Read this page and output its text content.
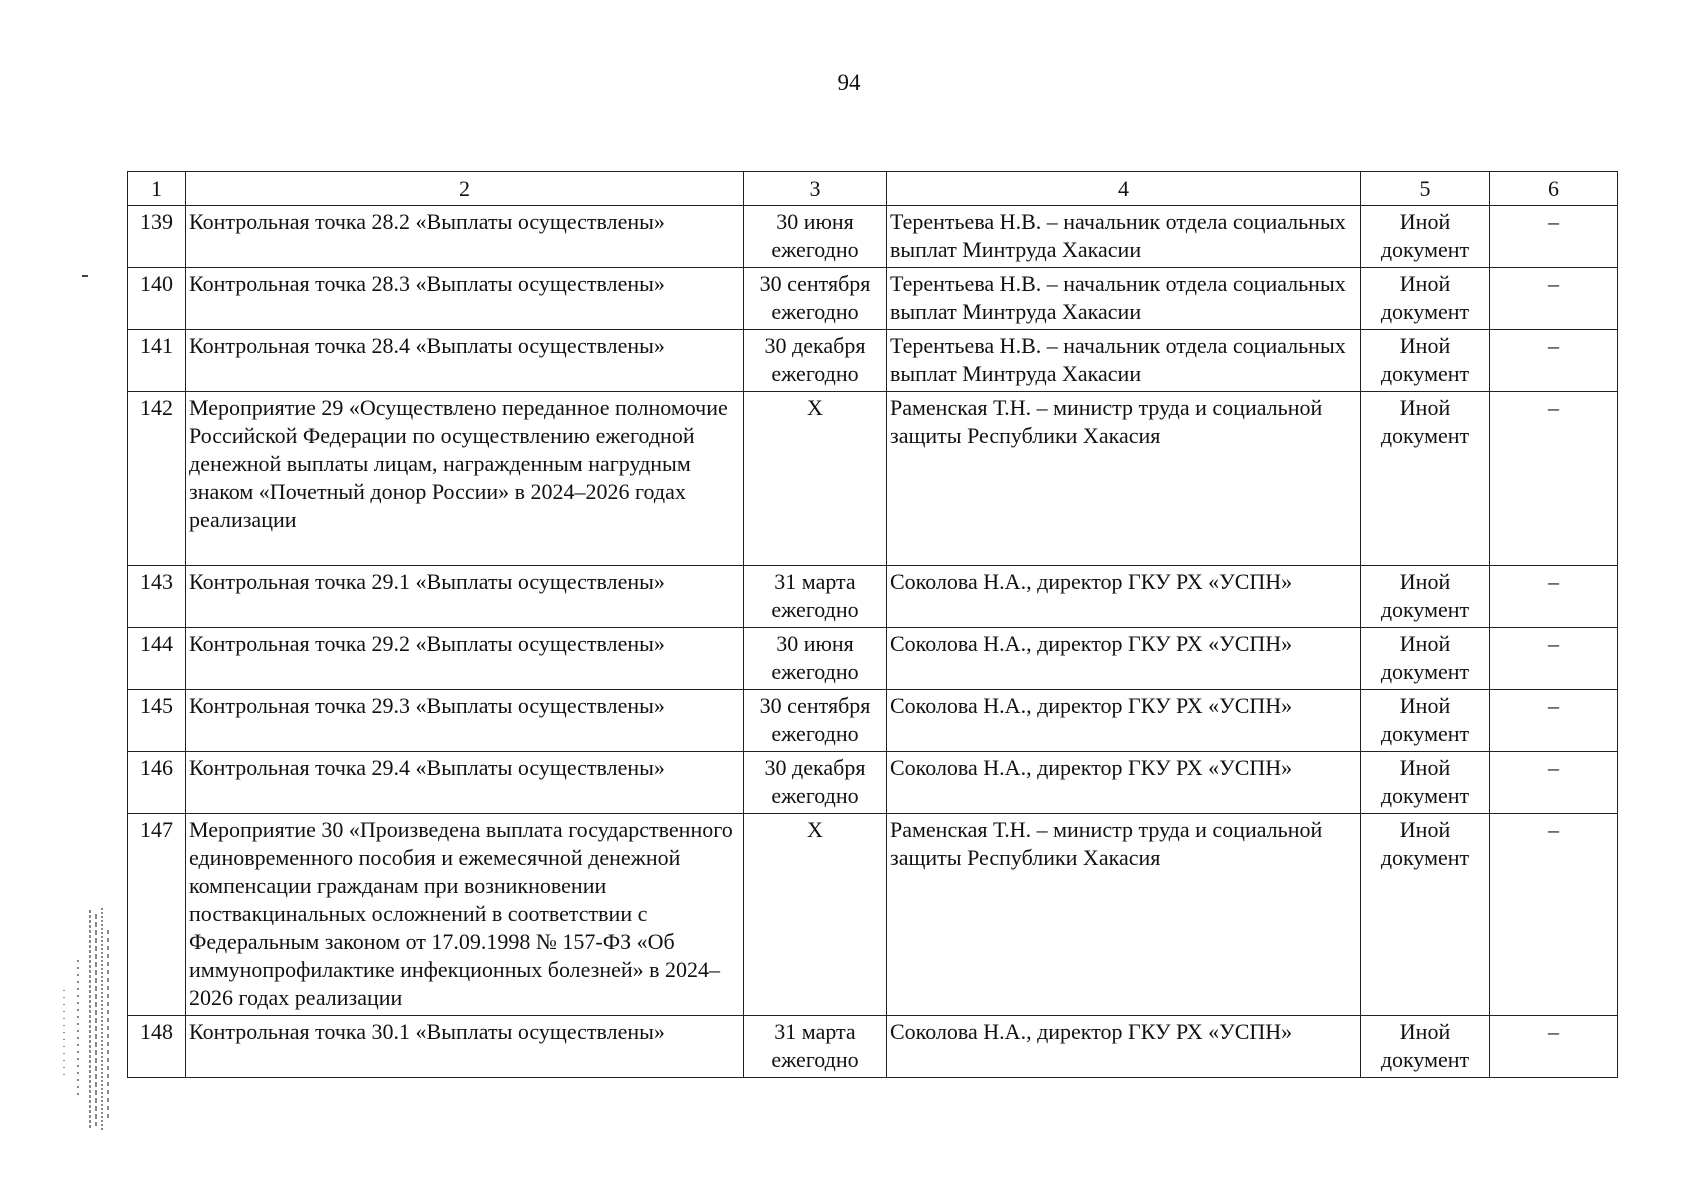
94
1	2	3	4	5	6
139	Контрольная точка 28.2 «Выплаты осуществлены»	30 июня ежегодно	Терентьева Н.В. – начальник отдела социальных выплат Минтруда Хакасии	Иной документ	–
140	Контрольная точка 28.3 «Выплаты осуществлены»	30 сентября ежегодно	Терентьева Н.В. – начальник отдела социальных выплат Минтруда Хакасии	Иной документ	–
141	Контрольная точка 28.4 «Выплаты осуществлены»	30 декабря ежегодно	Терентьева Н.В. – начальник отдела социальных выплат Минтруда Хакасии	Иной документ	–
142	Мероприятие 29 «Осуществлено переданное полномочие Российской Федерации по осуществлению ежегодной денежной выплаты лицам, награжденным нагрудным знаком «Почетный донор России» в 2024–2026 годах реализации	Х	Раменская Т.Н. – министр труда и социальной защиты Республики Хакасия	Иной документ	–
143	Контрольная точка 29.1 «Выплаты осуществлены»	31 марта ежегодно	Соколова Н.А., директор ГКУ РХ «УСПН»	Иной документ	–
144	Контрольная точка 29.2 «Выплаты осуществлены»	30 июня ежегодно	Соколова Н.А., директор ГКУ РХ «УСПН»	Иной документ	–
145	Контрольная точка 29.3 «Выплаты осуществлены»	30 сентября ежегодно	Соколова Н.А., директор ГКУ РХ «УСПН»	Иной документ	–
146	Контрольная точка 29.4 «Выплаты осуществлены»	30 декабря ежегодно	Соколова Н.А., директор ГКУ РХ «УСПН»	Иной документ	–
147	Мероприятие 30 «Произведена выплата государственного единовременного пособия и ежемесячной денежной компенсации гражданам при возникновении поствакцинальных осложнений в соответствии с Федеральным законом от 17.09.1998 № 157-ФЗ «Об иммунопрофилактике инфекционных болезней» в 2024–2026 годах реализации	Х	Раменская Т.Н. – министр труда и социальной защиты Республики Хакасия	Иной документ	–
148	Контрольная точка 30.1 «Выплаты осуществлены»	31 марта ежегодно	Соколова Н.А., директор ГКУ РХ «УСПН»	Иной документ	–
